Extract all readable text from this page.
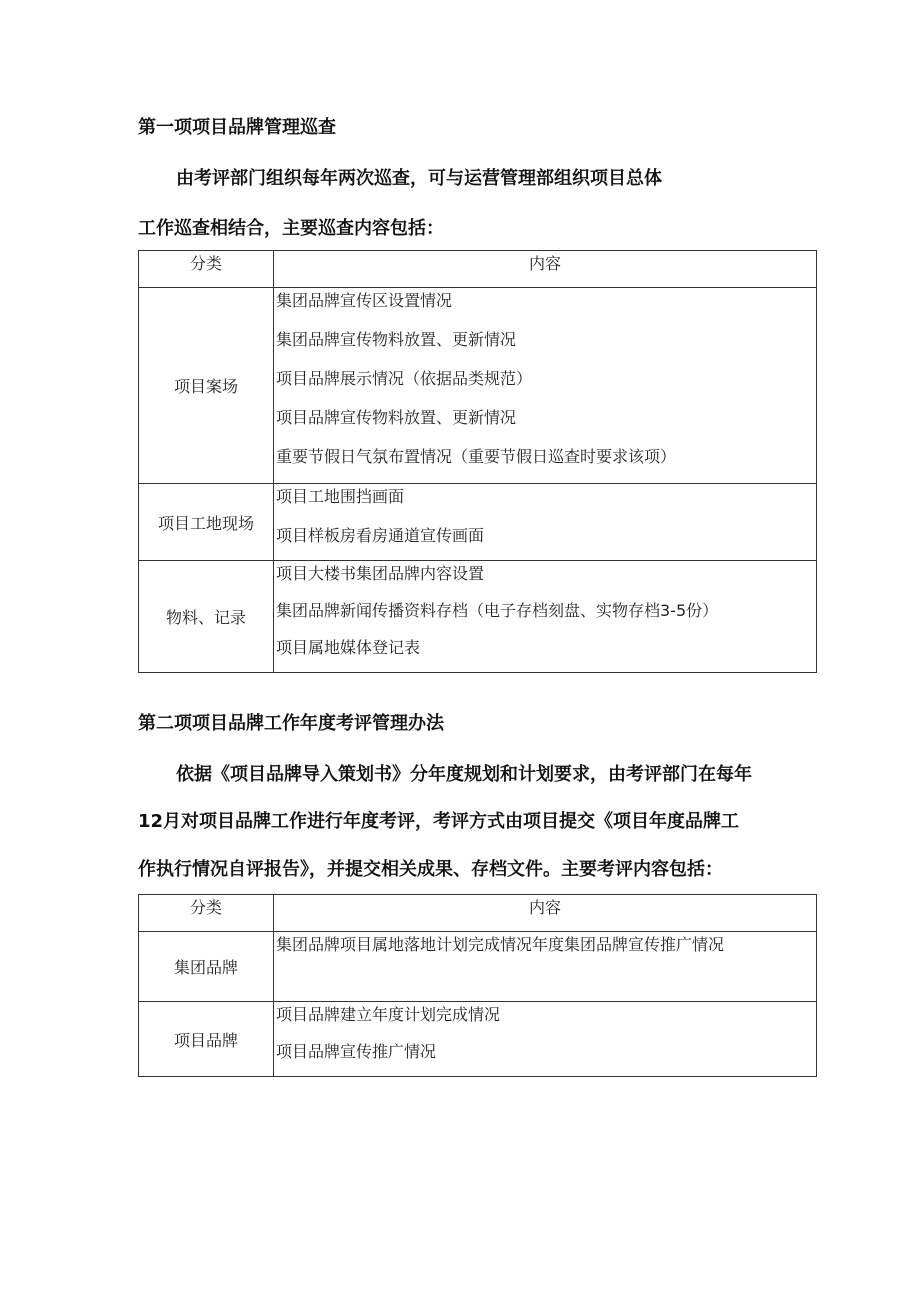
第一项项目品牌管理巡查
由考评部门组织每年两次巡查，可与运营管理部组织项目总体
工作巡查相结合，主要巡查内容包括：
分类	内容
项目案场	集团品牌宣传区设置情况
集团品牌宣传物料放置、更新情况
项目品牌展示情况（依据品类规范）
项目品牌宣传物料放置、更新情况
重要节假日气氛布置情况（重要节假日巡查时要求该项）

项目工地现场	项目工地围挡画面
项目样板房看房通道宣传画面

物料、记录	项目大楼书集团品牌内容设置
集团品牌新闻传播资料存档（电子存档刻盘、实物存档3-5份）
项目属地媒体登记表
第二项项目品牌工作年度考评管理办法
依据《项目品牌导入策划书》分年度规划和计划要求，由考评部门在每年
12月对项目品牌工作进行年度考评，考评方式由项目提交《项目年度品牌工
作执行情况自评报告》，并提交相关成果、存档文件。主要考评内容包括：
分类	内容
集团品牌	集团品牌项目属地落地计划完成情况年度集团品牌宣传推广情况

项目品牌	项目品牌建立年度计划完成情况
项目品牌宣传推广情况
